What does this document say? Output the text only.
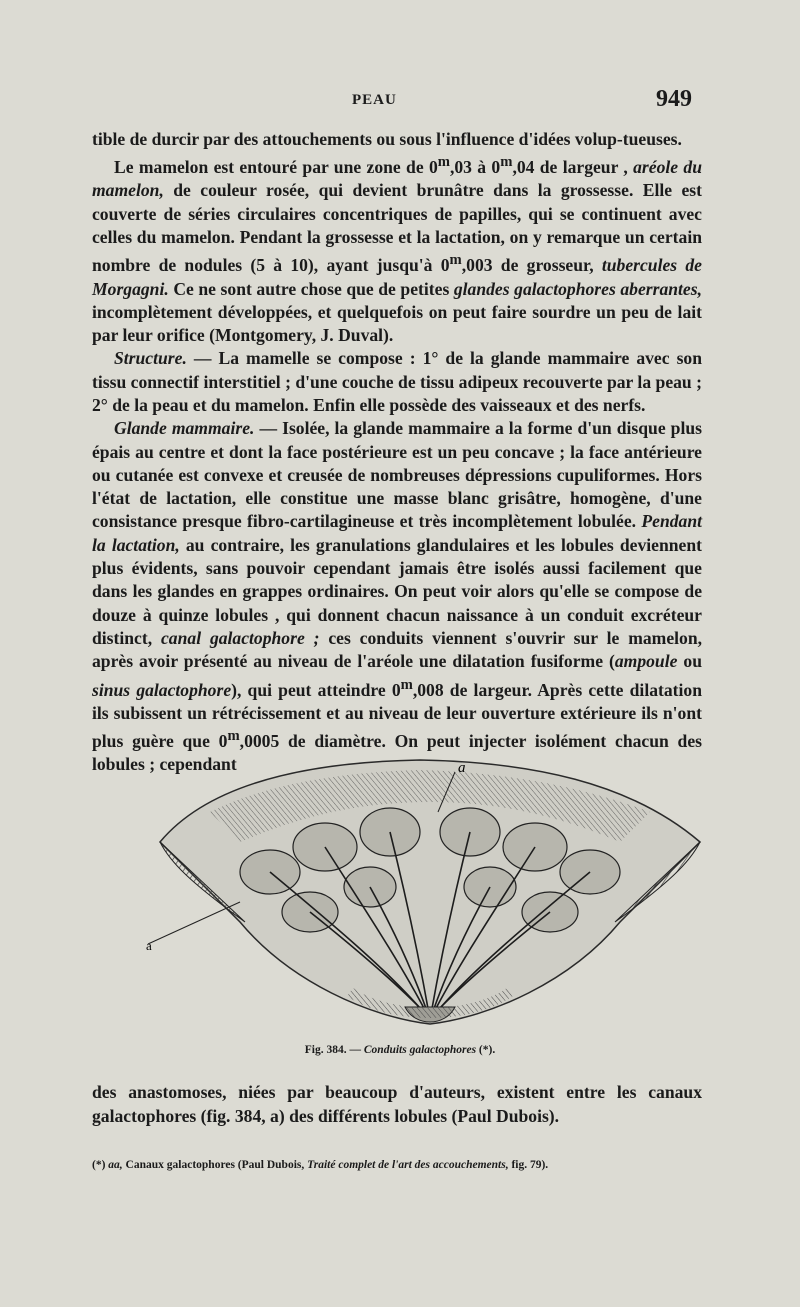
PEAU	949

tible de durcir par des attouchements ou sous l'influence d'idées volup-tueuses.

Le mamelon est entouré par une zone de 0$^m$,03 à 0$^m$,04 de largeur , aréole du mamelon, de couleur rosée, qui devient brunâtre dans la grossesse. Elle est couverte de séries circulaires concentriques de papilles, qui se continuent avec celles du mamelon. Pendant la grossesse et la lactation, on y remarque un certain nombre de nodules (5 à 10), ayant jusqu'à 0$^m$,003 de grosseur, tubercules de Morgagni. Ce ne sont autre chose que de petites glandes galactophores aberrantes, incomplètement développées, et quelquefois on peut faire sourdre un peu de lait par leur orifice (Montgomery, J. Duval).

Structure. — La mamelle se compose : 1° de la glande mammaire avec son tissu connectif interstitiel ; d'une couche de tissu adipeux recouverte par la peau ; 2° de la peau et du mamelon. Enfin elle possède des vaisseaux et des nerfs.

Glande mammaire. — Isolée, la glande mammaire a la forme d'un disque plus épais au centre et dont la face postérieure est un peu concave ; la face antérieure ou cutanée est convexe et creusée de nombreuses dépressions cupuliformes. Hors l'état de lactation, elle constitue une masse blanc grisâtre, homogène, d'une consistance presque fibro-cartilagineuse et très incomplètement lobulée. Pendant la lactation, au contraire, les granulations glandulaires et les lobules deviennent plus évidents, sans pouvoir cependant jamais être isolés aussi facilement que dans les glandes en grappes ordinaires. On peut voir alors qu'elle se compose de douze à quinze lobules , qui donnent chacun naissance à un conduit excréteur distinct, canal galactophore ; ces conduits viennent s'ouvrir sur le mamelon, après avoir présenté au niveau de l'aréole une dilatation fusiforme (ampoule ou sinus galactophore), qui peut atteindre 0$^m$,008 de largeur. Après cette dilatation ils subissent un rétrécissement et au niveau de leur ouverture extérieure ils n'ont plus guère que 0$^m$,0005 de diamètre. On peut injecter isolément chacun des lobules ; cependant	a
a
Fig. 384. — Conduits galactophores (*).
des anastomoses, niées par beaucoup d'auteurs, existent entre les canaux galactophores (fig. 384, a) des différents lobules (Paul Dubois).
(*) aa, Canaux galactophores (Paul Dubois, Traité complet de l'art des accouchements, fig. 79).
